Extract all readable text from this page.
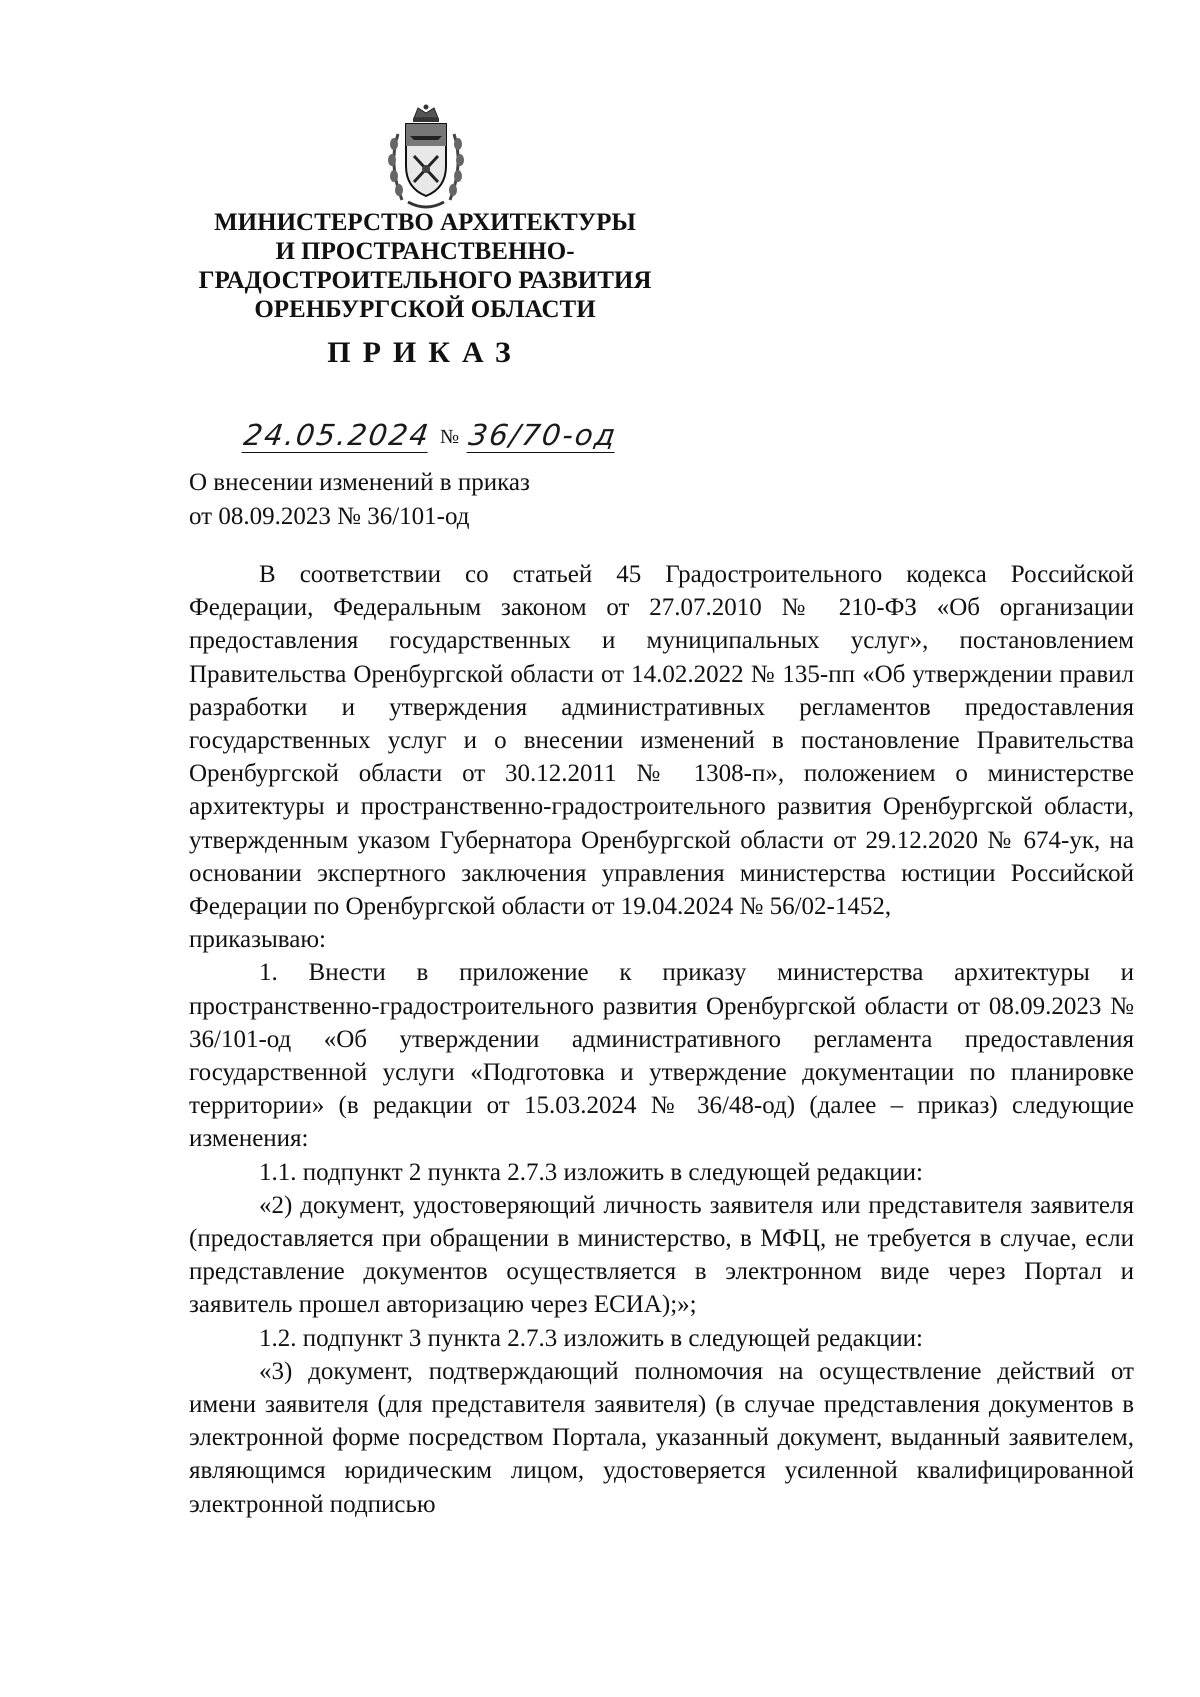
МИНИСТЕРСТВО АРХИТЕКТУРЫ
И ПРОСТРАНСТВЕННО-
ГРАДОСТРОИТЕЛЬНОГО РАЗВИТИЯ
ОРЕНБУРГСКОЙ ОБЛАСТИ
ПРИКАЗ
24.05.2024 № 36/70-од
О внесении изменений в приказ
от 08.09.2023 № 36/101-од

В соответствии со статьей 45 Градостроительного кодекса Российской Федерации, Федеральным законом от 27.07.2010 № 210-ФЗ «Об организации предоставления государственных и муниципальных услуг», постановлением Правительства Оренбургской области от 14.02.2022 № 135-пп «Об утверждении правил разработки и утверждения административных регламентов предоставления государственных услуг и о внесении изменений в постановление Правительства Оренбургской области от 30.12.2011 № 1308-п», положением о министерстве архитектуры и пространственно-градостроительного развития Оренбургской области, утвержденным указом Губернатора Оренбургской области от 29.12.2020 № 674-ук, на основании экспертного заключения управления министерства юстиции Российской Федерации по Оренбургской области от 19.04.2024 № 56/02-1452,

приказываю:

1. Внести в приложение к приказу министерства архитектуры и пространственно-градостроительного развития Оренбургской области от 08.09.2023 № 36/101-од «Об утверждении административного регламента предоставления государственной услуги «Подготовка и утверждение документации по планировке территории» (в редакции от 15.03.2024 № 36/48-од) (далее – приказ) следующие изменения:

1.1. подпункт 2 пункта 2.7.3 изложить в следующей редакции:

«2) документ, удостоверяющий личность заявителя или представителя заявителя (предоставляется при обращении в министерство, в МФЦ, не требуется в случае, если представление документов осуществляется в электронном виде через Портал и заявитель прошел авторизацию через ЕСИА);»;

1.2. подпункт 3 пункта 2.7.3 изложить в следующей редакции:

«3) документ, подтверждающий полномочия на осуществление действий от имени заявителя (для представителя заявителя) (в случае представления документов в электронной форме посредством Портала, указанный документ, выданный заявителем, являющимся юридическим лицом, удостоверяется усиленной квалифицированной электронной подписью
